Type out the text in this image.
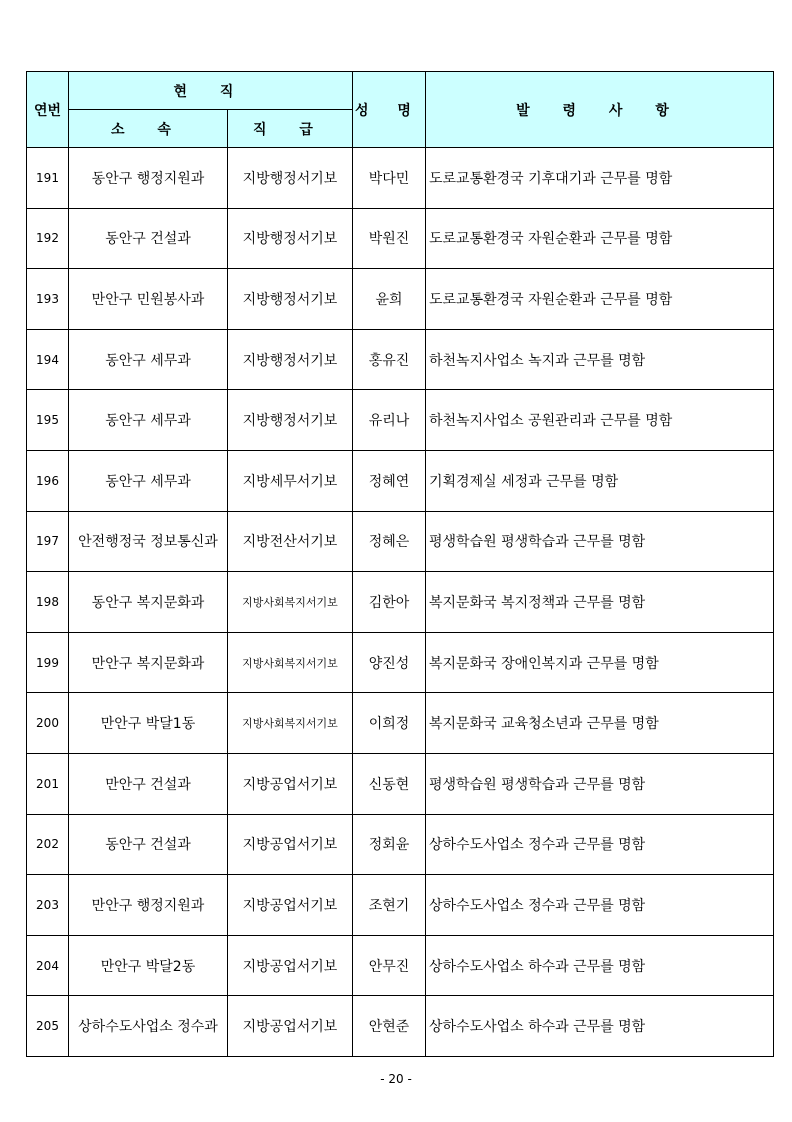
연번	현 직		성 명	발 령 사 항
	소 속	직 급		
191	동안구 행정지원과	지방행정서기보	박다민	도로교통환경국 기후대기과 근무를 명함
192	동안구 건설과	지방행정서기보	박원진	도로교통환경국 자원순환과 근무를 명함
193	만안구 민원봉사과	지방행정서기보	윤희	도로교통환경국 자원순환과 근무를 명함
194	동안구 세무과	지방행정서기보	홍유진	하천녹지사업소 녹지과 근무를 명함
195	동안구 세무과	지방행정서기보	유리나	하천녹지사업소 공원관리과 근무를 명함
196	동안구 세무과	지방세무서기보	정혜연	기획경제실 세정과 근무를 명함
197	안전행정국 정보통신과	지방전산서기보	정혜은	평생학습원 평생학습과 근무를 명함
198	동안구 복지문화과	지방사회복지서기보	김한아	복지문화국 복지정책과 근무를 명함
199	만안구 복지문화과	지방사회복지서기보	양진성	복지문화국 장애인복지과 근무를 명함
200	만안구 박달1동	지방사회복지서기보	이희정	복지문화국 교육청소년과 근무를 명함
201	만안구 건설과	지방공업서기보	신동현	평생학습원 평생학습과 근무를 명함
202	동안구 건설과	지방공업서기보	정회윤	상하수도사업소 정수과 근무를 명함
203	만안구 행정지원과	지방공업서기보	조현기	상하수도사업소 정수과 근무를 명함
204	만안구 박달2동	지방공업서기보	안무진	상하수도사업소 하수과 근무를 명함
205	상하수도사업소 정수과	지방공업서기보	안현준	상하수도사업소 하수과 근무를 명함
- 20 -
